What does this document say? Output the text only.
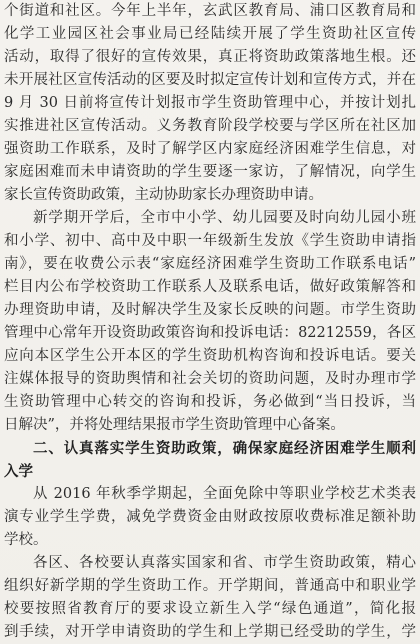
个街道和社区。今年上半年，玄武区教育局、浦口区教育局和
化学工业园区社会事业局已经陆续开展了学生资助社区宣传
活动，取得了很好的宣传效果，真正将资助政策落地生根。还
未开展社区宣传活动的区要及时拟定宣传计划和宣传方式，并在
9 月 30 日前将宣传计划报市学生资助管理中心，并按计划扎
实推进社区宣传活动。义务教育阶段学校要与学区所在社区加
强资助工作联系，及时了解学区内家庭经济困难学生信息，对
家庭困难而未申请资助的学生要逐一家访，了解情况，向学生
家长宣传资助政策，主动协助家长办理资助申请。
新学期开学后，全市中小学、幼儿园要及时向幼儿园小班
和小学、初中、高中及中职一年级新生发放《学生资助申请指
南》，要在收费公示表“家庭经济困难学生资助工作联系电话”
栏目内公布学校资助工作联系人及联系电话，做好政策解答和
办理资助申请，及时解决学生及家长反映的问题。市学生资助
管理中心常年开设资助政策咨询和投诉电话：82212559，各区
应向本区学生公开本区的学生资助机构咨询和投诉电话。要关
注媒体报导的资助舆情和社会关切的资助问题，及时办理市学
生资助管理中心转交的咨询和投诉，务必做到“当日投诉，当
日解决”，并将处理结果报市学生资助管理中心备案。
二、认真落实学生资助政策，确保家庭经济困难学生顺利
入学
从 2016 年秋季学期起，全面免除中等职业学校艺术类表
演专业学生学费，减免学费资金由财政按原收费标准足额补助
学校。
各区、各校要认真落实国家和省、市学生资助政策，精心
组织好新学期的学生资助工作。开学期间，普通高中和职业学
校要按照省教育厅的要求设立新生入学“绿色通道”，简化报
到手续，对开学申请资助的学生和上学期已经受助的学生，学
